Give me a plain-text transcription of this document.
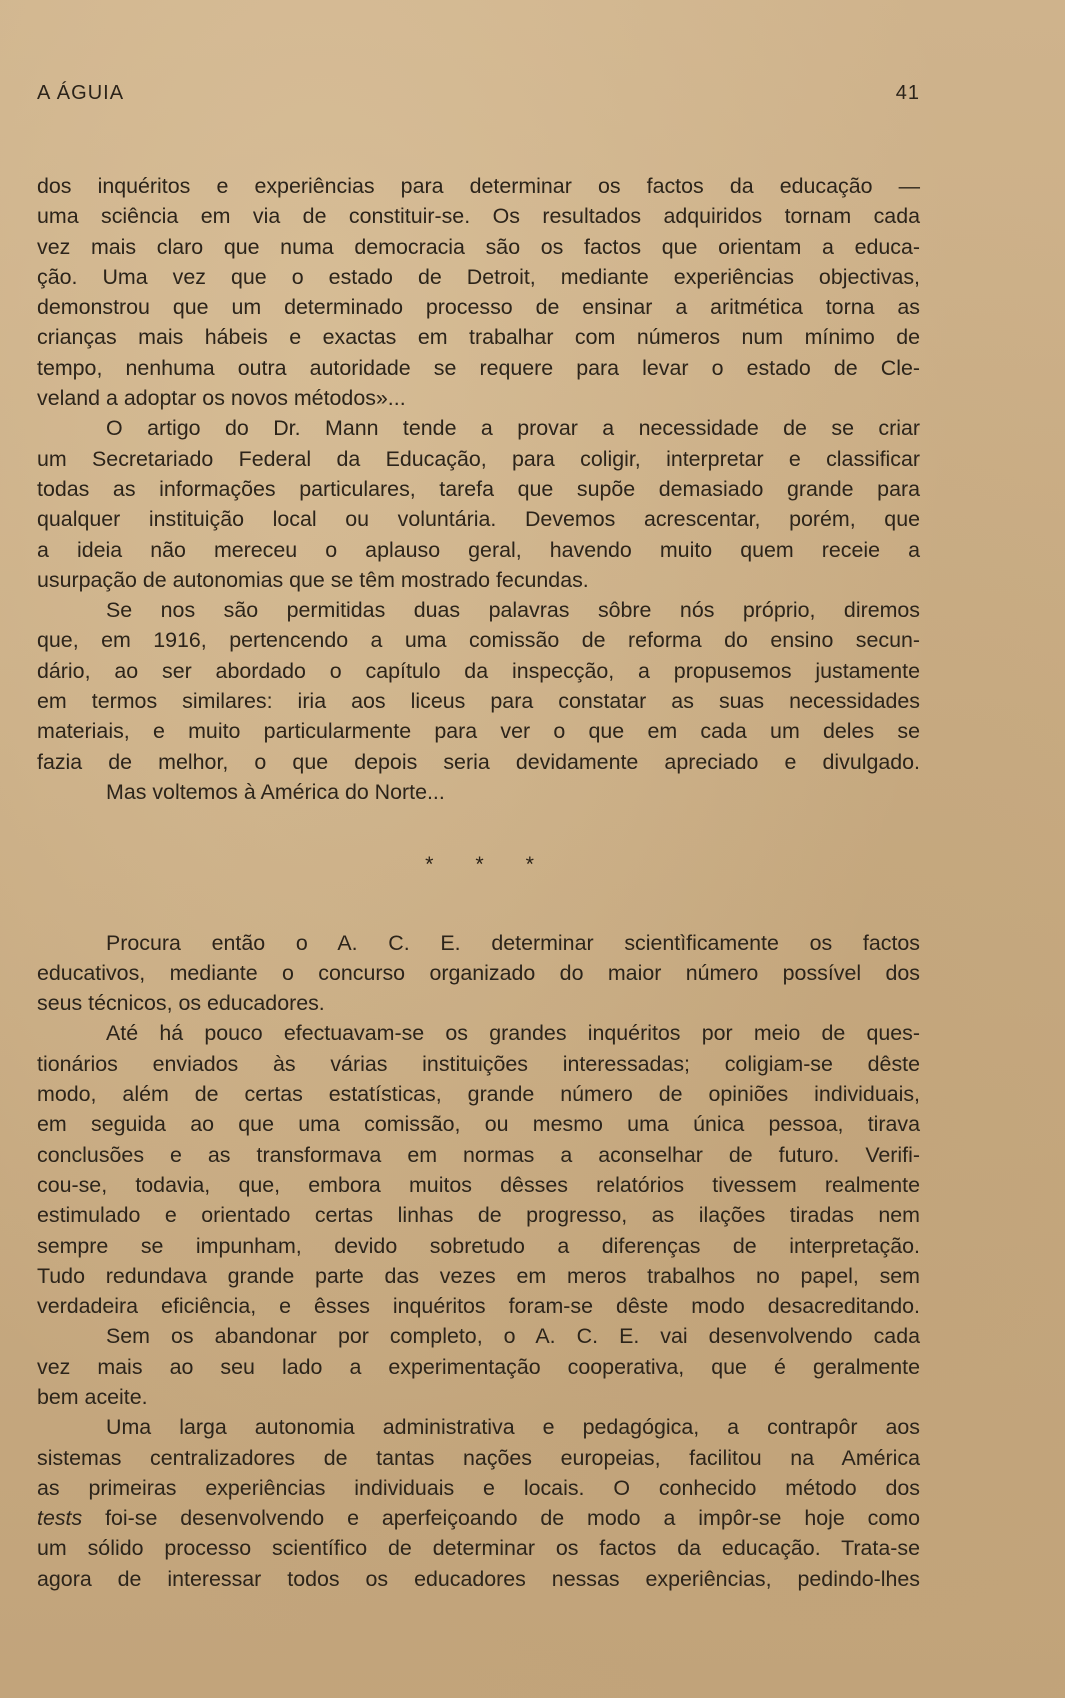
A ÁGUIA	41
dos inquéritos e experiências para determinar os factos da educação —
uma sciência em via de constituir-se. Os resultados adquiridos tornam cada
vez mais claro que numa democracia são os factos que orientam a educa-
ção. Uma vez que o estado de Detroit, mediante experiências objectivas,
demonstrou que um determinado processo de ensinar a aritmética torna as
crianças mais hábeis e exactas em trabalhar com números num mínimo de
tempo, nenhuma outra autoridade se requere para levar o estado de Cle-
veland a adoptar os novos métodos»...
O artigo do Dr. Mann tende a provar a necessidade de se criar
um Secretariado Federal da Educação, para coligir, interpretar e classificar
todas as informações particulares, tarefa que supõe demasiado grande para
qualquer instituição local ou voluntária. Devemos acrescentar, porém, que
a ideia não mereceu o aplauso geral, havendo muito quem receie a
usurpação de autonomias que se têm mostrado fecundas.
Se nos são permitidas duas palavras sôbre nós próprio, diremos
que, em 1916, pertencendo a uma comissão de reforma do ensino secun-
dário, ao ser abordado o capítulo da inspecção, a propusemos justamente
em termos similares: iria aos liceus para constatar as suas necessidades
materiais, e muito particularmente para ver o que em cada um deles se
fazia de melhor, o que depois seria devidamente apreciado e divulgado.
Mas voltemos à América do Norte...
* * *
Procura então o A. C. E. determinar scientìficamente os factos
educativos, mediante o concurso organizado do maior número possível dos
seus técnicos, os educadores.
Até há pouco efectuavam-se os grandes inquéritos por meio de ques-
tionários enviados às várias instituições interessadas; coligiam-se dêste
modo, além de certas estatísticas, grande número de opiniões individuais,
em seguida ao que uma comissão, ou mesmo uma única pessoa, tirava
conclusões e as transformava em normas a aconselhar de futuro. Verifi-
cou-se, todavia, que, embora muitos dêsses relatórios tivessem realmente
estimulado e orientado certas linhas de progresso, as ilações tiradas nem
sempre se impunham, devido sobretudo a diferenças de interpretação.
Tudo redundava grande parte das vezes em meros trabalhos no papel, sem
verdadeira eficiência, e êsses inquéritos foram-se dêste modo desacreditando.
Sem os abandonar por completo, o A. C. E. vai desenvolvendo cada
vez mais ao seu lado a experimentação cooperativa, que é geralmente
bem aceite.
Uma larga autonomia administrativa e pedagógica, a contrapôr aos
sistemas centralizadores de tantas nações europeias, facilitou na América
as primeiras experiências individuais e locais. O conhecido método dos
tests foi-se desenvolvendo e aperfeiçoando de modo a impôr-se hoje como
um sólido processo scientífico de determinar os factos da educação. Trata-se
agora de interessar todos os educadores nessas experiências, pedindo-lhes
